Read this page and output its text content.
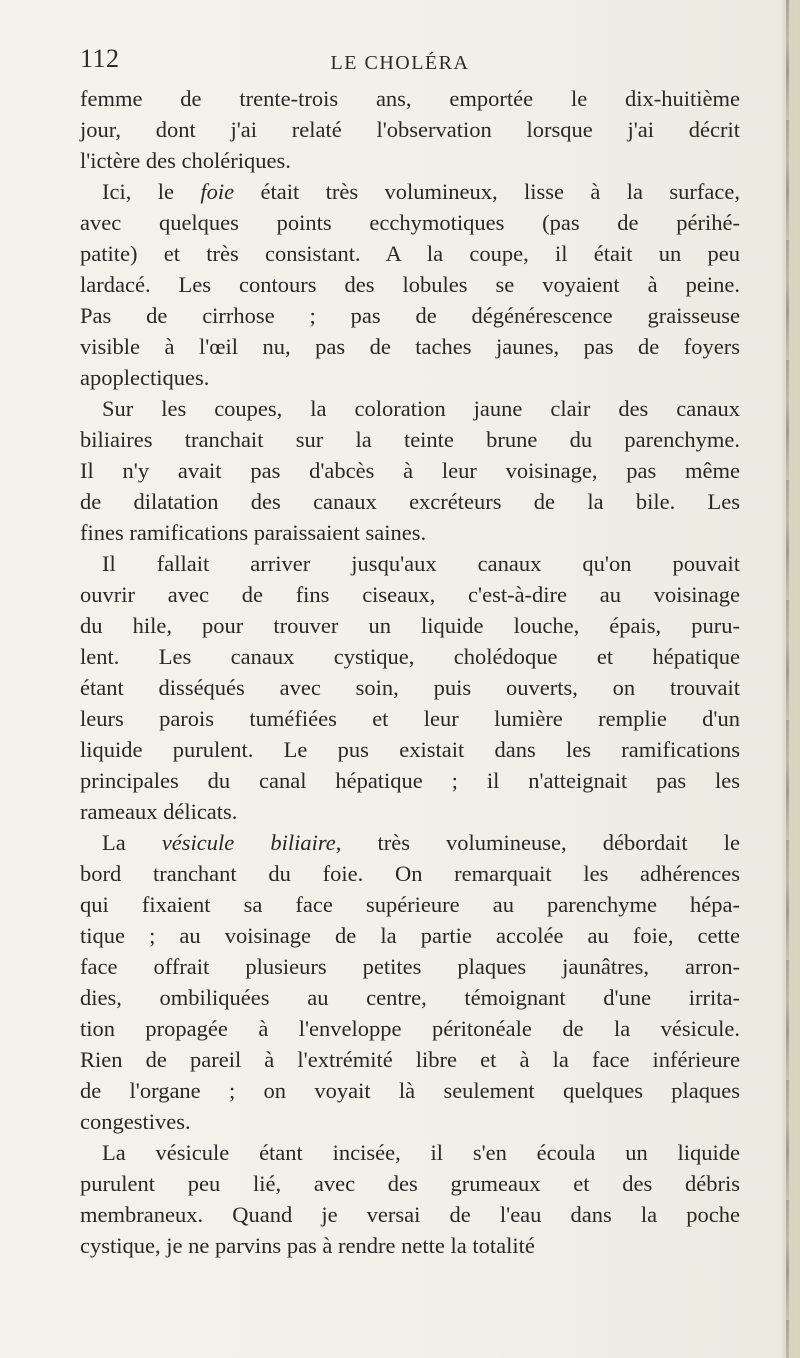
112	LE CHOLÉRA
femme de trente-trois ans, emportée le dix-huitième
jour, dont j'ai relaté l'observation lorsque j'ai décrit
l'ictère des cholériques.
Ici, le foie était très volumineux, lisse à la surface,
avec quelques points ecchymotiques (pas de périhé-
patite) et très consistant. A la coupe, il était un peu
lardacé. Les contours des lobules se voyaient à peine.
Pas de cirrhose ; pas de dégénérescence graisseuse
visible à l'œil nu, pas de taches jaunes, pas de foyers
apoplectiques.
Sur les coupes, la coloration jaune clair des canaux
biliaires tranchait sur la teinte brune du parenchyme.
Il n'y avait pas d'abcès à leur voisinage, pas même
de dilatation des canaux excréteurs de la bile. Les
fines ramifications paraissaient saines.
Il fallait arriver jusqu'aux canaux qu'on pouvait
ouvrir avec de fins ciseaux, c'est-à-dire au voisinage
du hile, pour trouver un liquide louche, épais, puru-
lent. Les canaux cystique, cholédoque et hépatique
étant disséqués avec soin, puis ouverts, on trouvait
leurs parois tuméfiées et leur lumière remplie d'un
liquide purulent. Le pus existait dans les ramifications
principales du canal hépatique ; il n'atteignait pas les
rameaux délicats.
La vésicule biliaire, très volumineuse, débordait le
bord tranchant du foie. On remarquait les adhérences
qui fixaient sa face supérieure au parenchyme hépa-
tique ; au voisinage de la partie accolée au foie, cette
face offrait plusieurs petites plaques jaunâtres, arron-
dies, ombiliquées au centre, témoignant d'une irrita-
tion propagée à l'enveloppe péritonéale de la vésicule.
Rien de pareil à l'extrémité libre et à la face inférieure
de l'organe ; on voyait là seulement quelques plaques
congestives.
La vésicule étant incisée, il s'en écoula un liquide
purulent peu lié, avec des grumeaux et des débris
membraneux. Quand je versai de l'eau dans la poche
cystique, je ne parvins pas à rendre nette la totalité
